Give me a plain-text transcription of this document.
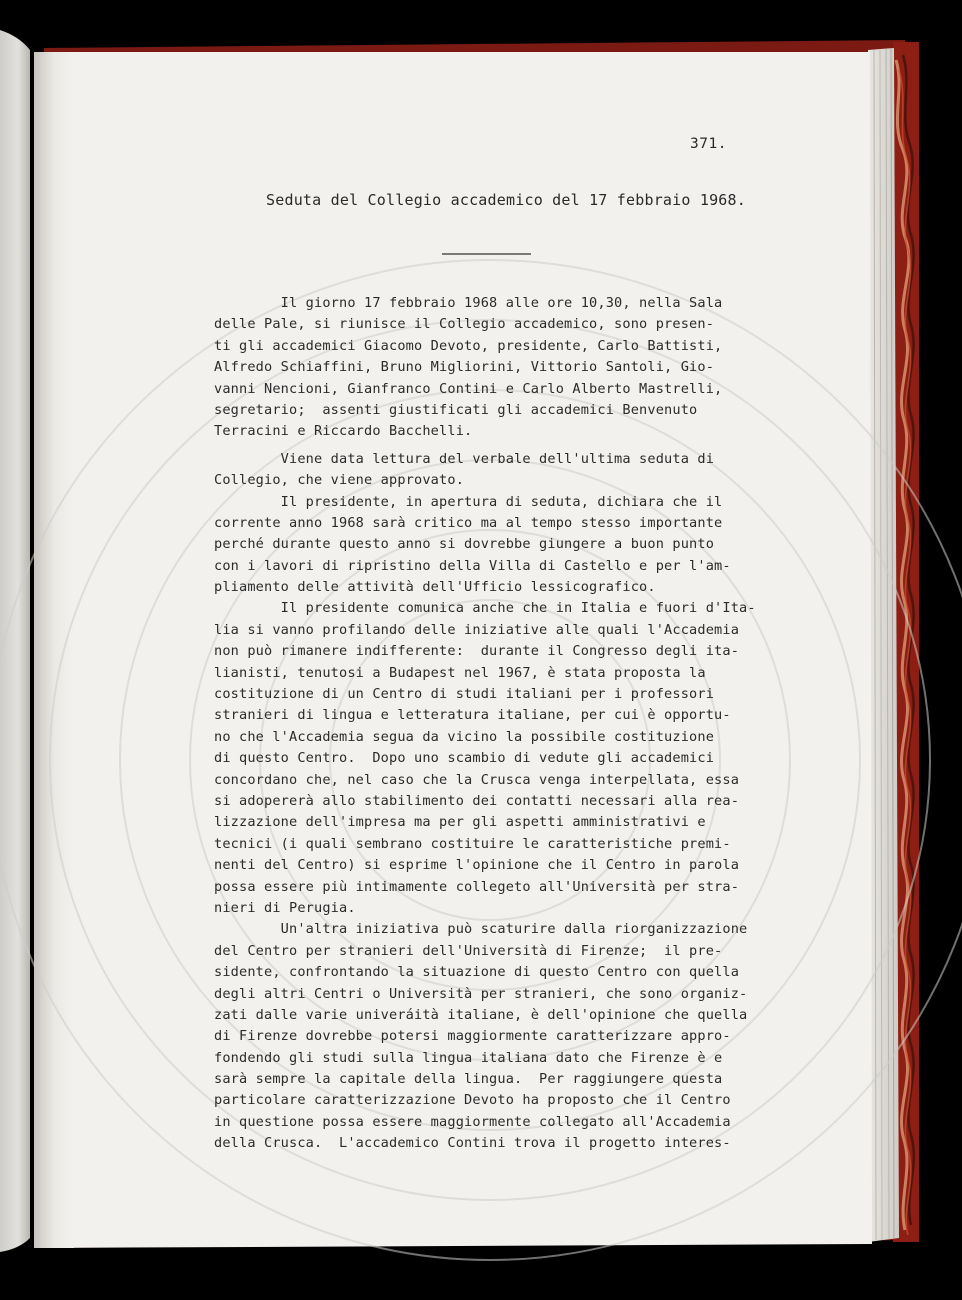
371.
Seduta del Collegio accademico del 17 febbraio 1968.
Il giorno 17 febbraio 1968 alle ore 10,30, nella Sala
delle Pale, si riunisce il Collegio accademico, sono presen-
ti gli accademici Giacomo Devoto, presidente, Carlo Battisti,
Alfredo Schiaffini, Bruno Migliorini, Vittorio Santoli, Gio-
vanni Nencioni, Gianfranco Contini e Carlo Alberto Mastrelli,
segretario;  assenti giustificati gli accademici Benvenuto
Terracini e Riccardo Bacchelli.
Viene data lettura del verbale dell'ultima seduta di
Collegio, che viene approvato.
Il presidente, in apertura di seduta, dichiara che il
corrente anno 1968 sarà critico ma al tempo stesso importante
perché durante questo anno si dovrebbe giungere a buon punto
con i lavori di ripristino della Villa di Castello e per l'am-
pliamento delle attività dell'Ufficio lessicografico.
Il presidente comunica anche che in Italia e fuori d'Ita-
lia si vanno profilando delle iniziative alle quali l'Accademia
non può rimanere indifferente:  durante il Congresso degli ita-
lianisti, tenutosi a Budapest nel 1967, è stata proposta la
costituzione di un Centro di studi italiani per i professori
stranieri di lingua e letteratura italiane, per cui è opportu-
no che l'Accademia segua da vicino la possibile costituzione
di questo Centro.  Dopo uno scambio di vedute gli accademici
concordano che, nel caso che la Crusca venga interpellata, essa
si adopererà allo stabilimento dei contatti necessari alla rea-
lizzazione dell'impresa ma per gli aspetti amministrativi e
tecnici (i quali sembrano costituire le caratteristiche premi-
nenti del Centro) si esprime l'opinione che il Centro in parola
possa essere più intimamente collegeto all'Università per stra-
nieri di Perugia.
Un'altra iniziativa può scaturire dalla riorganizzazione
del Centro per stranieri dell'Università di Firenze;  il pre-
sidente, confrontando la situazione di questo Centro con quella
degli altri Centri o Università per stranieri, che sono organiz-
zati dalle varie univeráità italiane, è dell'opinione che quella
di Firenze dovrebbe potersi maggiormente caratterizzare appro-
fondendo gli studi sulla lingua italiana dato che Firenze è e
sarà sempre la capitale della lingua.  Per raggiungere questa
particolare caratterizzazione Devoto ha proposto che il Centro
in questione possa essere maggiormente collegato all'Accademia
della Crusca.  L'accademico Contini trova il progetto interes-
